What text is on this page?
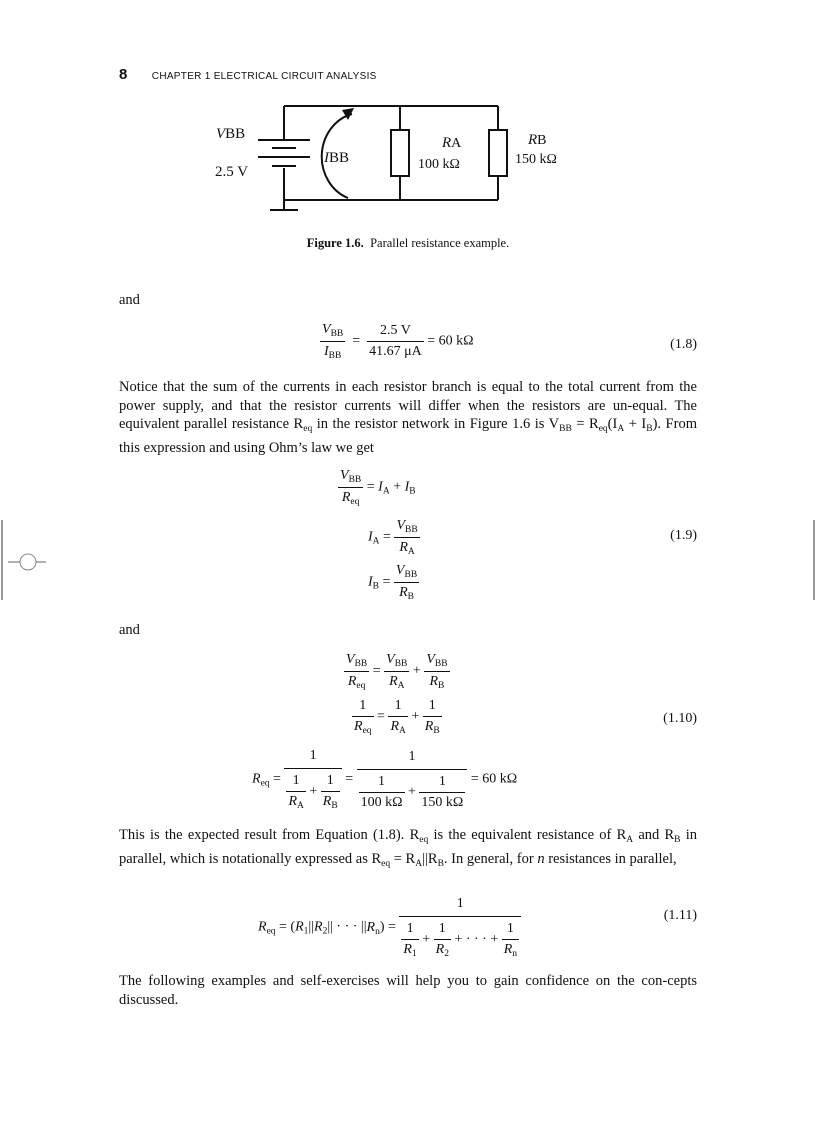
8 CHAPTER 1 ELECTRICAL CIRCUIT ANALYSIS
VBB
2.5 V
IBB
RA
100 kΩ
RB
150 kΩ
Figure 1.6. Parallel resistance example.
and
$\frac{V_{BB}}{I_{BB}} = \frac{2.5 V}{41.67 \mu A} = 60$ kΩ	(1.8)
Notice that the sum of the currents in each resistor branch is equal to the total current from the power supply, and that the resistor currents will differ when the resistors are un-equal. The equivalent parallel resistance $R_{eq}$ in the resistor network in Figure 1.6 is $V_{BB} = R_{eq}(I_A + I_B)$. From this expression and using Ohm’s law we get
$\frac{V_{BB}}{R_{eq}} = I_A + I_B$
$I_A = \frac{V_{BB}}{R_A}$	(1.9)
$I_B = \frac{V_{BB}}{R_B}$
and
$\frac{V_{BB}}{R_{eq}} = \frac{V_{BB}}{R_A} + \frac{V_{BB}}{R_B}$
$\frac{1}{R_{eq}} = \frac{1}{R_A} + \frac{1}{R_B}$	(1.10)
$R_{eq} = \frac{1}{\frac{1}{R_A} + \frac{1}{R_B}} = \frac{1}{\frac{1}{100 k\Omega} + \frac{1}{150 k\Omega}} = 60$ kΩ
This is the expected result from Equation (1.8). $R_{eq}$ is the equivalent resistance of $R_A$ and $R_B$ in parallel, which is notationally expressed as $R_{eq} = R_A||R_B$. In general, for n resistances in parallel,
$R_{eq} = (R_1||R_2||$ · · · $||R_n) = \frac{1}{\frac{1}{R_1} + \frac{1}{R_2} + \cdot \cdot \cdot + \frac{1}{R_n}}$	(1.11)
The following examples and self-exercises will help you to gain confidence on the con-cepts discussed.
